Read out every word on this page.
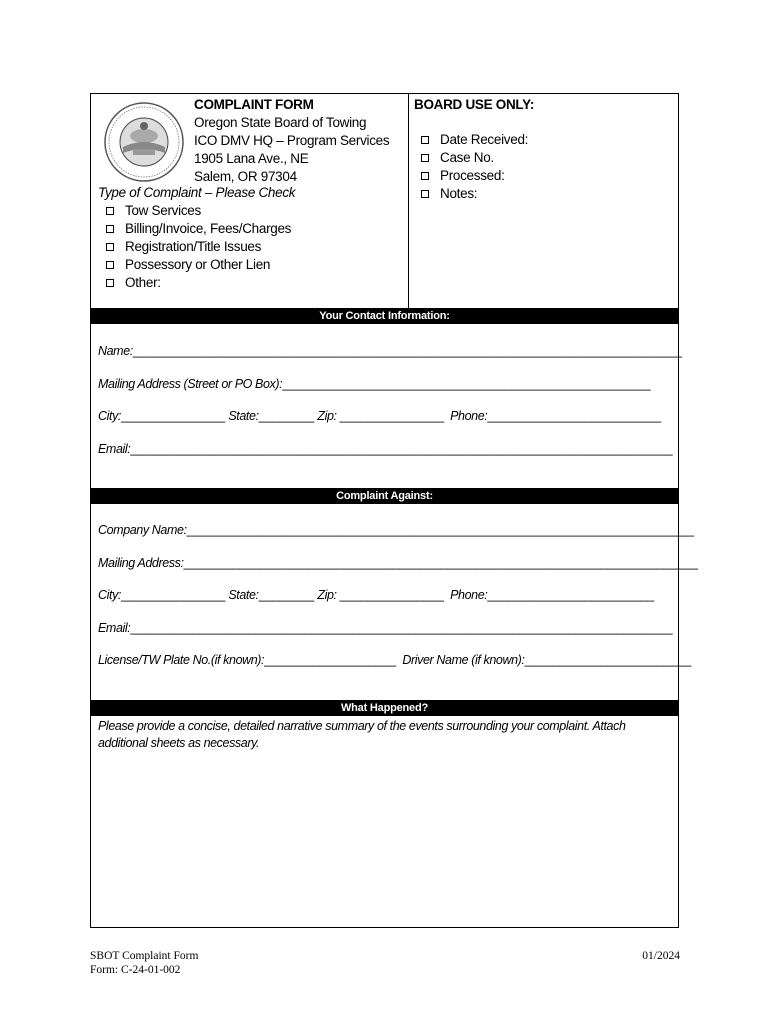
COMPLAINT FORM
Oregon State Board of Towing
ICO DMV HQ – Program Services
1905 Lana Ave., NE
Salem, OR 97304
Type of Complaint – Please Check
Tow Services
Billing/Invoice, Fees/Charges
Registration/Title Issues
Possessory or Other Lien
Other:
BOARD USE ONLY:
Date Received:
Case No.
Processed:
Notes:
Your Contact Information:
Name:_______________________________________________________________________________
Mailing Address (Street or PO Box):_____________________________________________________
City:_______________ State:________ Zip: _______________ Phone:_________________________
Email:______________________________________________________________________________
Complaint Against:
Company Name:_________________________________________________________________________
Mailing Address:__________________________________________________________________________
City:_______________ State:________ Zip: _______________ Phone:________________________
Email:______________________________________________________________________________
License/TW Plate No.(if known):___________________ Driver Name (if known):________________________
What Happened?
Please provide a concise, detailed narrative summary of the events surrounding your complaint. Attach additional sheets as necessary.
SBOT Complaint Form
Form: C-24-01-002
01/2024
